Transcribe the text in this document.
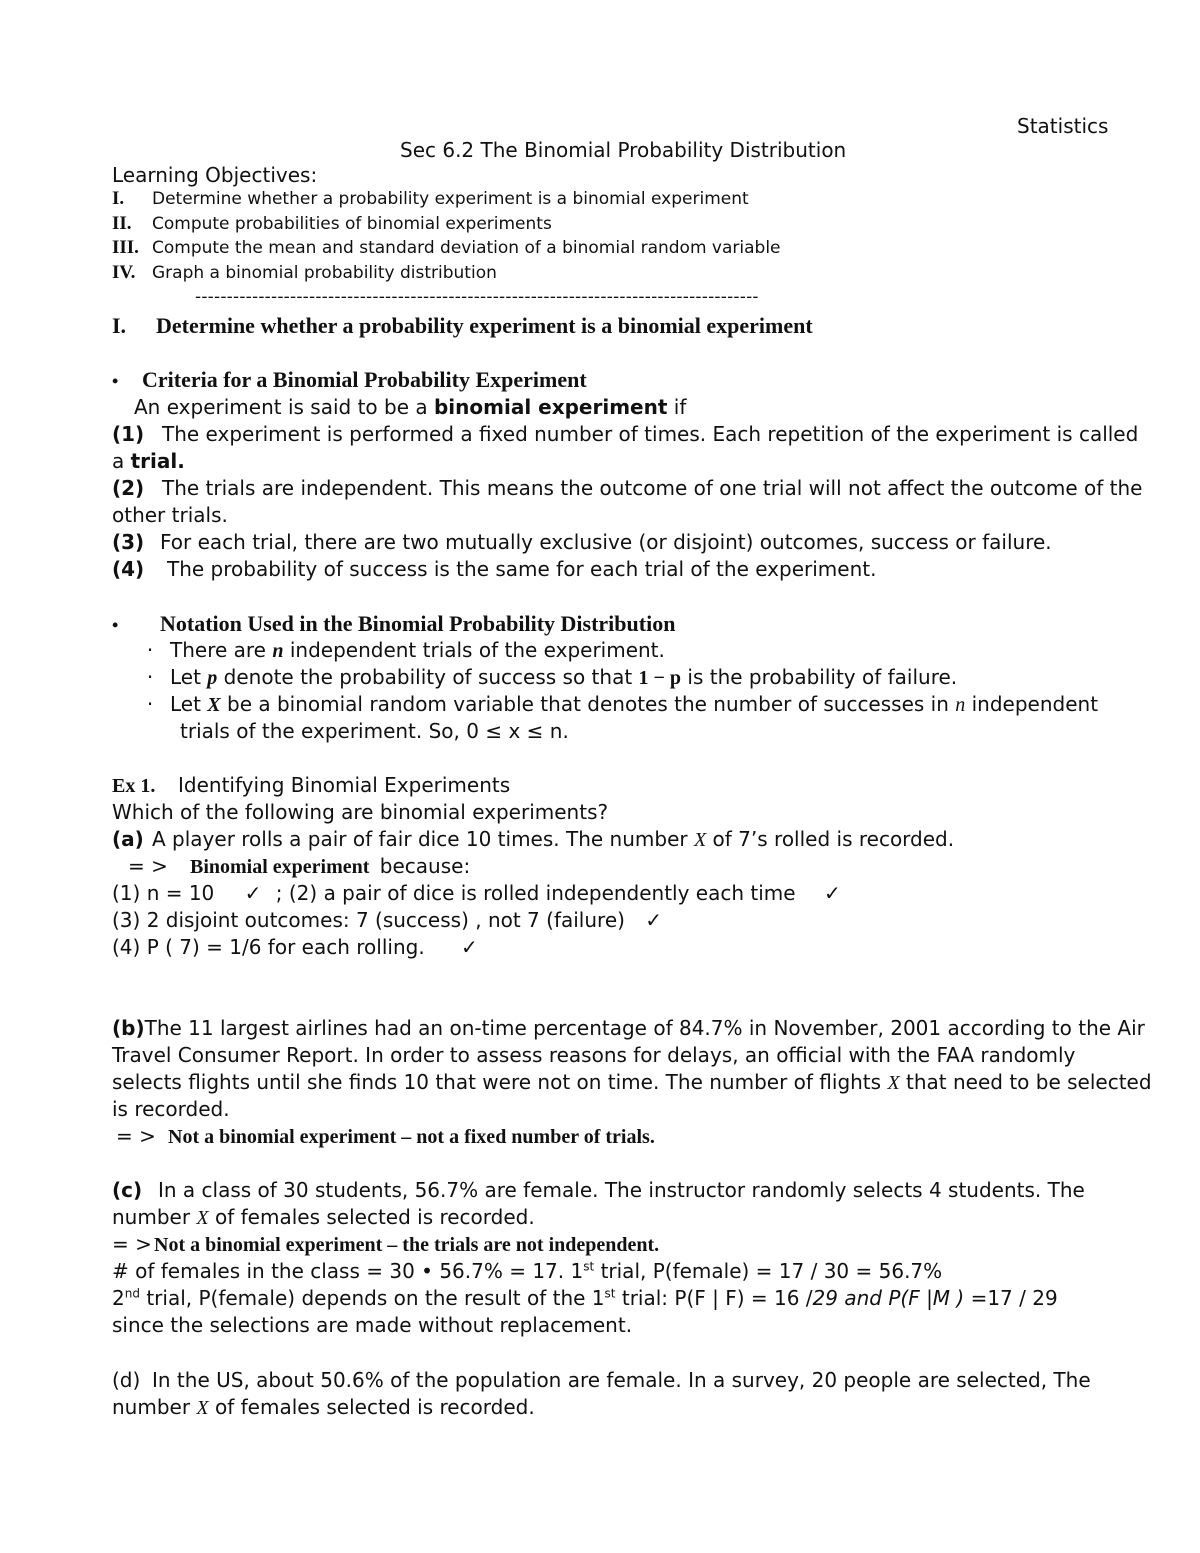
Statistics
Sec 6.2 The Binomial Probability Distribution
Learning Objectives:
I. Determine whether a probability experiment is a binomial experiment
II. Compute probabilities of binomial experiments
III. Compute the mean and standard deviation of a binomial random variable
IV. Graph a binomial probability distribution
-----------------------------------------------------------------------------------------
I. Determine whether a probability experiment is a binomial experiment
• Criteria for a Binomial Probability Experiment
An experiment is said to be a binomial experiment if
(1) The experiment is performed a fixed number of times. Each repetition of the experiment is called
a trial.
(2) The trials are independent. This means the outcome of one trial will not affect the outcome of the
other trials.
(3) For each trial, there are two mutually exclusive (or disjoint) outcomes, success or failure.
(4) The probability of success is the same for each trial of the experiment.
• Notation Used in the Binomial Probability Distribution
· There are n independent trials of the experiment.
· Let p denote the probability of success so that 1 − p is the probability of failure.
· Let X be a binomial random variable that denotes the number of successes in n independent
trials of the experiment. So, 0 ≤ x ≤ n.
Ex 1. Identifying Binomial Experiments
Which of the following are binomial experiments?
(a) A player rolls a pair of fair dice 10 times. The number X of 7’s rolled is recorded.
= > Binomial experiment because:
(1) n = 10 ✓ ; (2) a pair of dice is rolled independently each time ✓
(3) 2 disjoint outcomes: 7 (success) , not 7 (failure) ✓
(4) P ( 7) = 1/6 for each rolling. ✓
(b)The 11 largest airlines had an on-time percentage of 84.7% in November, 2001 according to the Air
Travel Consumer Report. In order to assess reasons for delays, an official with the FAA randomly
selects flights until she finds 10 that were not on time. The number of flights X that need to be selected
is recorded.
= > Not a binomial experiment – not a fixed number of trials.
(c) In a class of 30 students, 56.7% are female. The instructor randomly selects 4 students. The
number X of females selected is recorded.
= > Not a binomial experiment – the trials are not independent.
# of females in the class = 30 • 56.7% = 17. 1st trial, P(female) = 17 / 30 = 56.7%
2nd trial, P(female) depends on the result of the 1st trial: P(F | F) = 16 /29 and P(F |M ) =17 / 29
since the selections are made without replacement.
(d) In the US, about 50.6% of the population are female. In a survey, 20 people are selected, The
number X of females selected is recorded.
